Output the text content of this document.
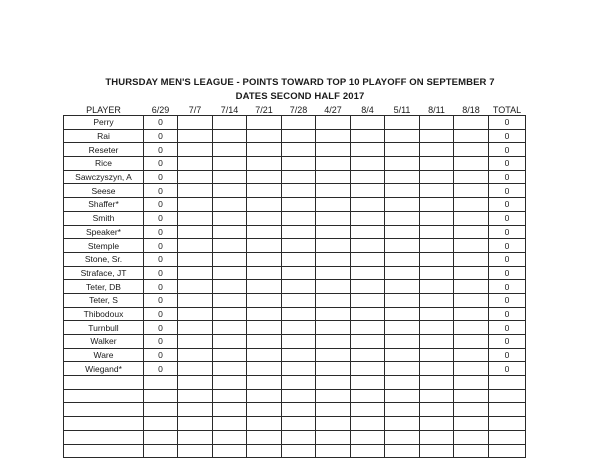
THURSDAY MEN'S LEAGUE - POINTS TOWARD TOP 10 PLAYOFF ON SEPTEMBER 7
DATES SECOND HALF 2017
PLAYER	6/29	7/7	7/14	7/21	7/28	4/27	8/4	5/11	8/11	8/18	TOTAL
Perry	0										0
Rai	0										0
Reseter	0										0
Rice	0										0
Sawczyszyn, A	0										0
Seese	0										0
Shaffer*	0										0
Smith	0										0
Speaker*	0										0
Stemple	0										0
Stone, Sr.	0										0
Straface, JT	0										0
Teter, DB	0										0
Teter, S	0										0
Thibodoux	0										0
Turnbull	0										0
Walker	0										0
Ware	0										0
Wiegand*	0										0
